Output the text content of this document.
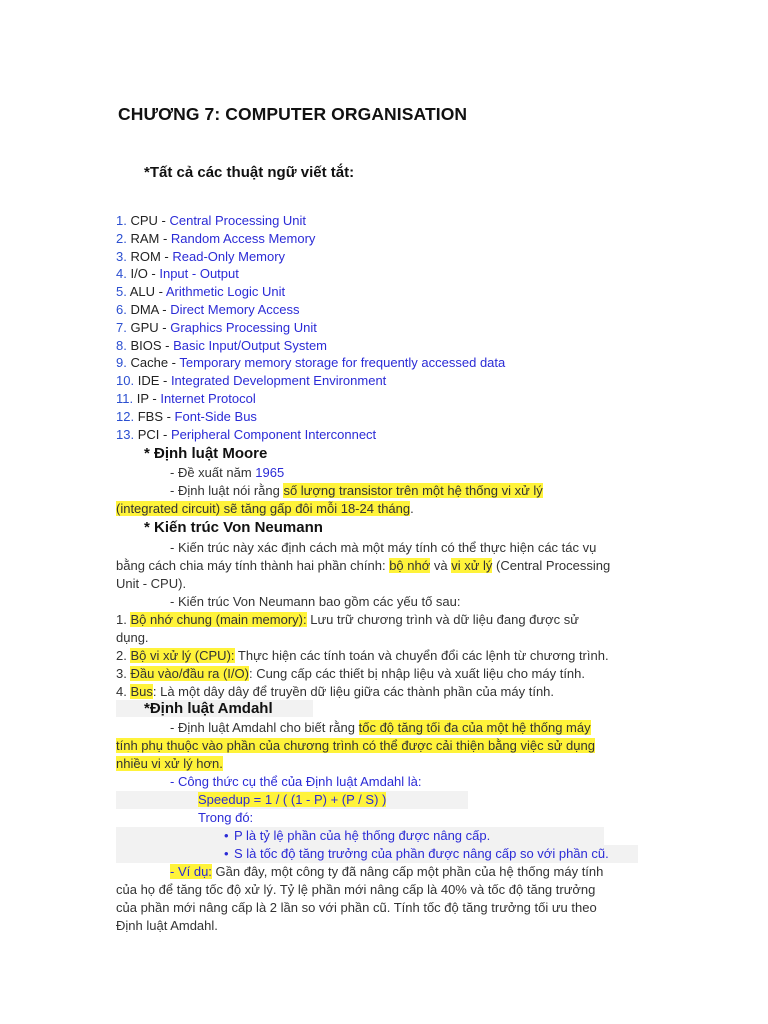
CHƯƠNG 7: COMPUTER ORGANISATION
*Tất cả các thuật ngữ viết tắt:
1. CPU - Central Processing Unit
2. RAM - Random Access Memory
3. ROM - Read-Only Memory
4. I/O - Input - Output
5. ALU - Arithmetic Logic Unit
6. DMA - Direct Memory Access
7. GPU - Graphics Processing Unit
8. BIOS - Basic Input/Output System
9. Cache - Temporary memory storage for frequently accessed data
10. IDE - Integrated Development Environment
11. IP - Internet Protocol
12. FBS - Font-Side Bus
13. PCI - Peripheral Component Interconnect
* Định luật Moore
- Đề xuất năm 1965
- Định luật nói rằng số lượng transistor trên một hệ thống vi xử lý
(integrated circuit) sẽ tăng gấp đôi mỗi 18-24 tháng.
* Kiến trúc Von Neumann
- Kiến trúc này xác định cách mà một máy tính có thể thực hiện các tác vụ
bằng cách chia máy tính thành hai phần chính: bộ nhớ và vi xử lý (Central Processing
Unit - CPU).
- Kiến trúc Von Neumann bao gồm các yếu tố sau:
1. Bộ nhớ chung (main memory): Lưu trữ chương trình và dữ liệu đang được sử
dụng.
2. Bộ vi xử lý (CPU): Thực hiện các tính toán và chuyển đổi các lệnh từ chương trình.
3. Đầu vào/đầu ra (I/O): Cung cấp các thiết bị nhập liệu và xuất liệu cho máy tính.
4. Bus: Là một dây dây để truyền dữ liệu giữa các thành phần của máy tính.
*Định luật Amdahl
- Định luật Amdahl cho biết rằng tốc độ tăng tối đa của một hệ thống máy
tính phụ thuộc vào phần của chương trình có thể được cải thiện bằng việc sử dụng
nhiều vi xử lý hơn.
- Công thức cụ thể của Định luật Amdahl là:
Speedup = 1 / ( (1 - P) + (P / S) )
Trong đó:
• P là tỷ lệ phần của hệ thống được nâng cấp.
• S là tốc độ tăng trưởng của phần được nâng cấp so với phần cũ.
- Ví dụ: Gần đây, một công ty đã nâng cấp một phần của hệ thống máy tính
của họ để tăng tốc độ xử lý. Tỷ lệ phần mới nâng cấp là 40% và tốc độ tăng trưởng
của phần mới nâng cấp là 2 lần so với phần cũ. Tính tốc độ tăng trưởng tối ưu theo
Định luật Amdahl.
